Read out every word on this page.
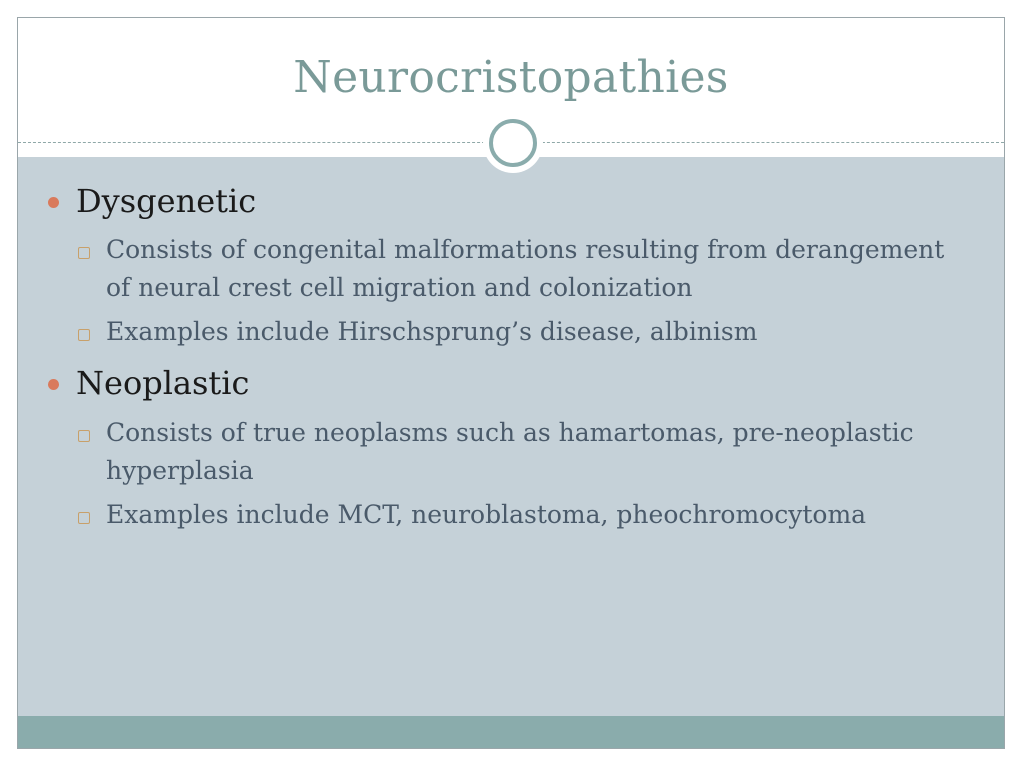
Neurocristopathies
Dysgenetic
Consists of congenital malformations resulting from derangement of neural crest cell migration and colonization
Examples include Hirschsprung’s disease, albinism
Neoplastic
Consists of true neoplasms such as hamartomas, pre-neoplastic hyperplasia
Examples include MCT, neuroblastoma, pheochromocytoma
